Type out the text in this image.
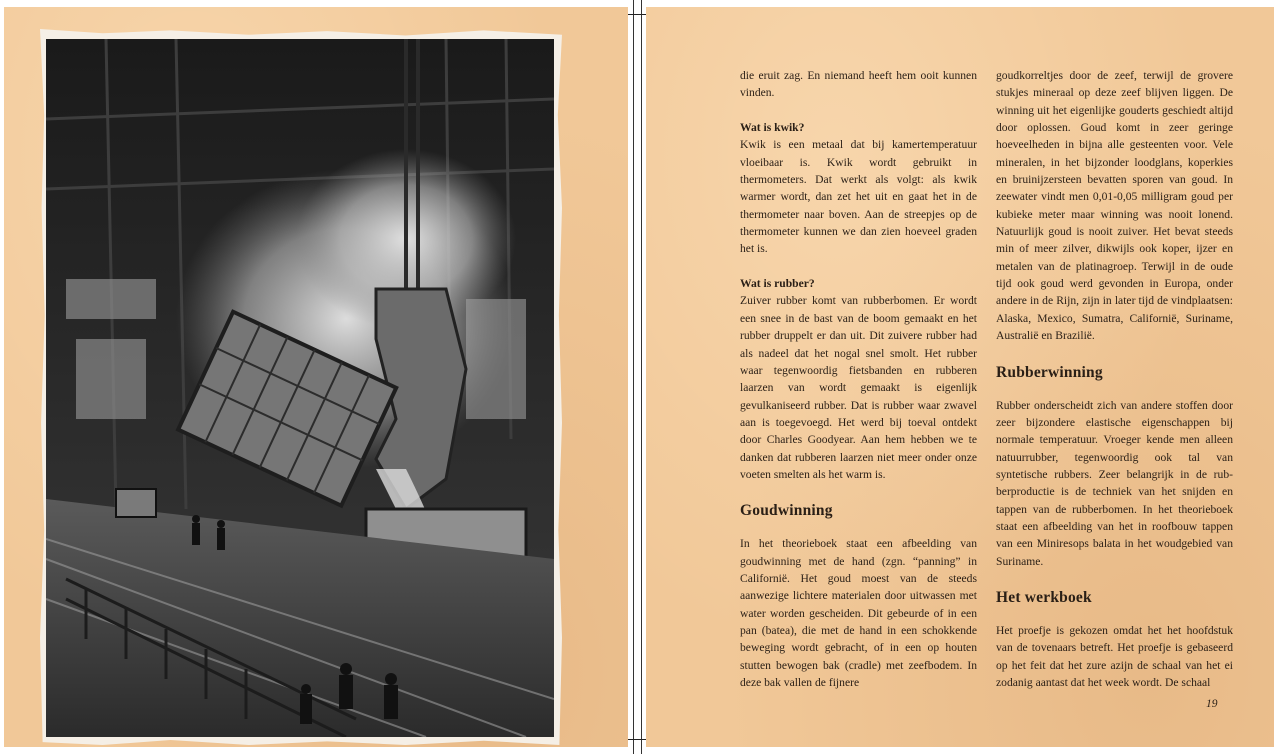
die eruit zag. En niemand heeft hem ooit kunnen vinden.

Wat is kwik?

Kwik is een metaal dat bij kamertemperatuur vloeibaar is. Kwik wordt gebruikt in thermometers. Dat werkt als volgt: als kwik warmer wordt, dan zet het uit en gaat het in de thermometer naar boven. Aan de streepjes op de thermometer kunnen we dan zien hoeveel graden het is.

Wat is rubber?

Zuiver rubber komt van rubberbomen. Er wordt een snee in de bast van de boom gemaakt en het rubber druppelt er dan uit. Dit zuivere rubber had als nadeel dat het nogal snel smolt. Het rubber waar tegenwoordig fietsbanden en rubberen laarzen van wordt gemaakt is eigenlijk gevulkaniseerd rubber. Dat is rubber waar zwavel aan is toegevoegd. Het werd bij toeval ontdekt door Charles Goodyear. Aan hem hebben we te danken dat rubberen laarzen niet meer onder onze voeten smelten als het warm is.

Goudwinning

In het theorieboek staat een afbeelding van goudwinning met de hand (zgn. “panning” in Californië. Het goud moest van de steeds aanwezige lichtere materialen door uitwassen met water worden gescheiden. Dit gebeurde of in een pan (batea), die met de hand in een schokkende beweging wordt gebracht, of in een op houten stutten bewogen bak (cradle) met zeefbodem. In deze bak vallen de fijnere

goudkorreltjes door de zeef, terwijl de grovere stukjes mineraal op deze zeef blijven liggen. De winning uit het eigenlijke gouderts geschiedt altijd door oplossen. Goud komt in zeer geringe hoeveelheden in bijna alle gesteenten voor. Vele mineralen, in het bijzonder loodglans, koperkies en bruinijzersteen bevatten sporen van goud. In zeewater vindt men 0,01-0,05 milligram goud per kubieke meter maar winning was nooit lonend. Natuurlijk goud is nooit zuiver. Het bevat steeds min of meer zilver, dikwijls ook koper, ijzer en metalen van de platinagroep. Terwijl in de oude tijd ook goud werd gevonden in Europa, onder andere in de Rijn, zijn in later tijd de vindplaatsen: Alaska, Mexico, Sumatra, Californië, Suriname, Australië en Brazilië.

Rubberwinning

Rubber onderscheidt zich van andere stoffen door zeer bijzondere elastische eigenschappen bij normale temperatuur. Vroeger kende men alleen natuurrubber, tegenwoordig ook tal van syntetische rubbers. Zeer belangrijk in de rub-berproductie is de techniek van het snijden en tappen van de rubberbomen. In het theorieboek staat een afbeelding van het in roofbouw tappen van een Miniresops balata in het woudgebied van Suriname.

Het werkboek

Het proefje is gekozen omdat het het hoofdstuk van de tovenaars betreft. Het proefje is gebaseerd op het feit dat het zure azijn de schaal van het ei zodanig aantast dat het week wordt. De schaal

19
